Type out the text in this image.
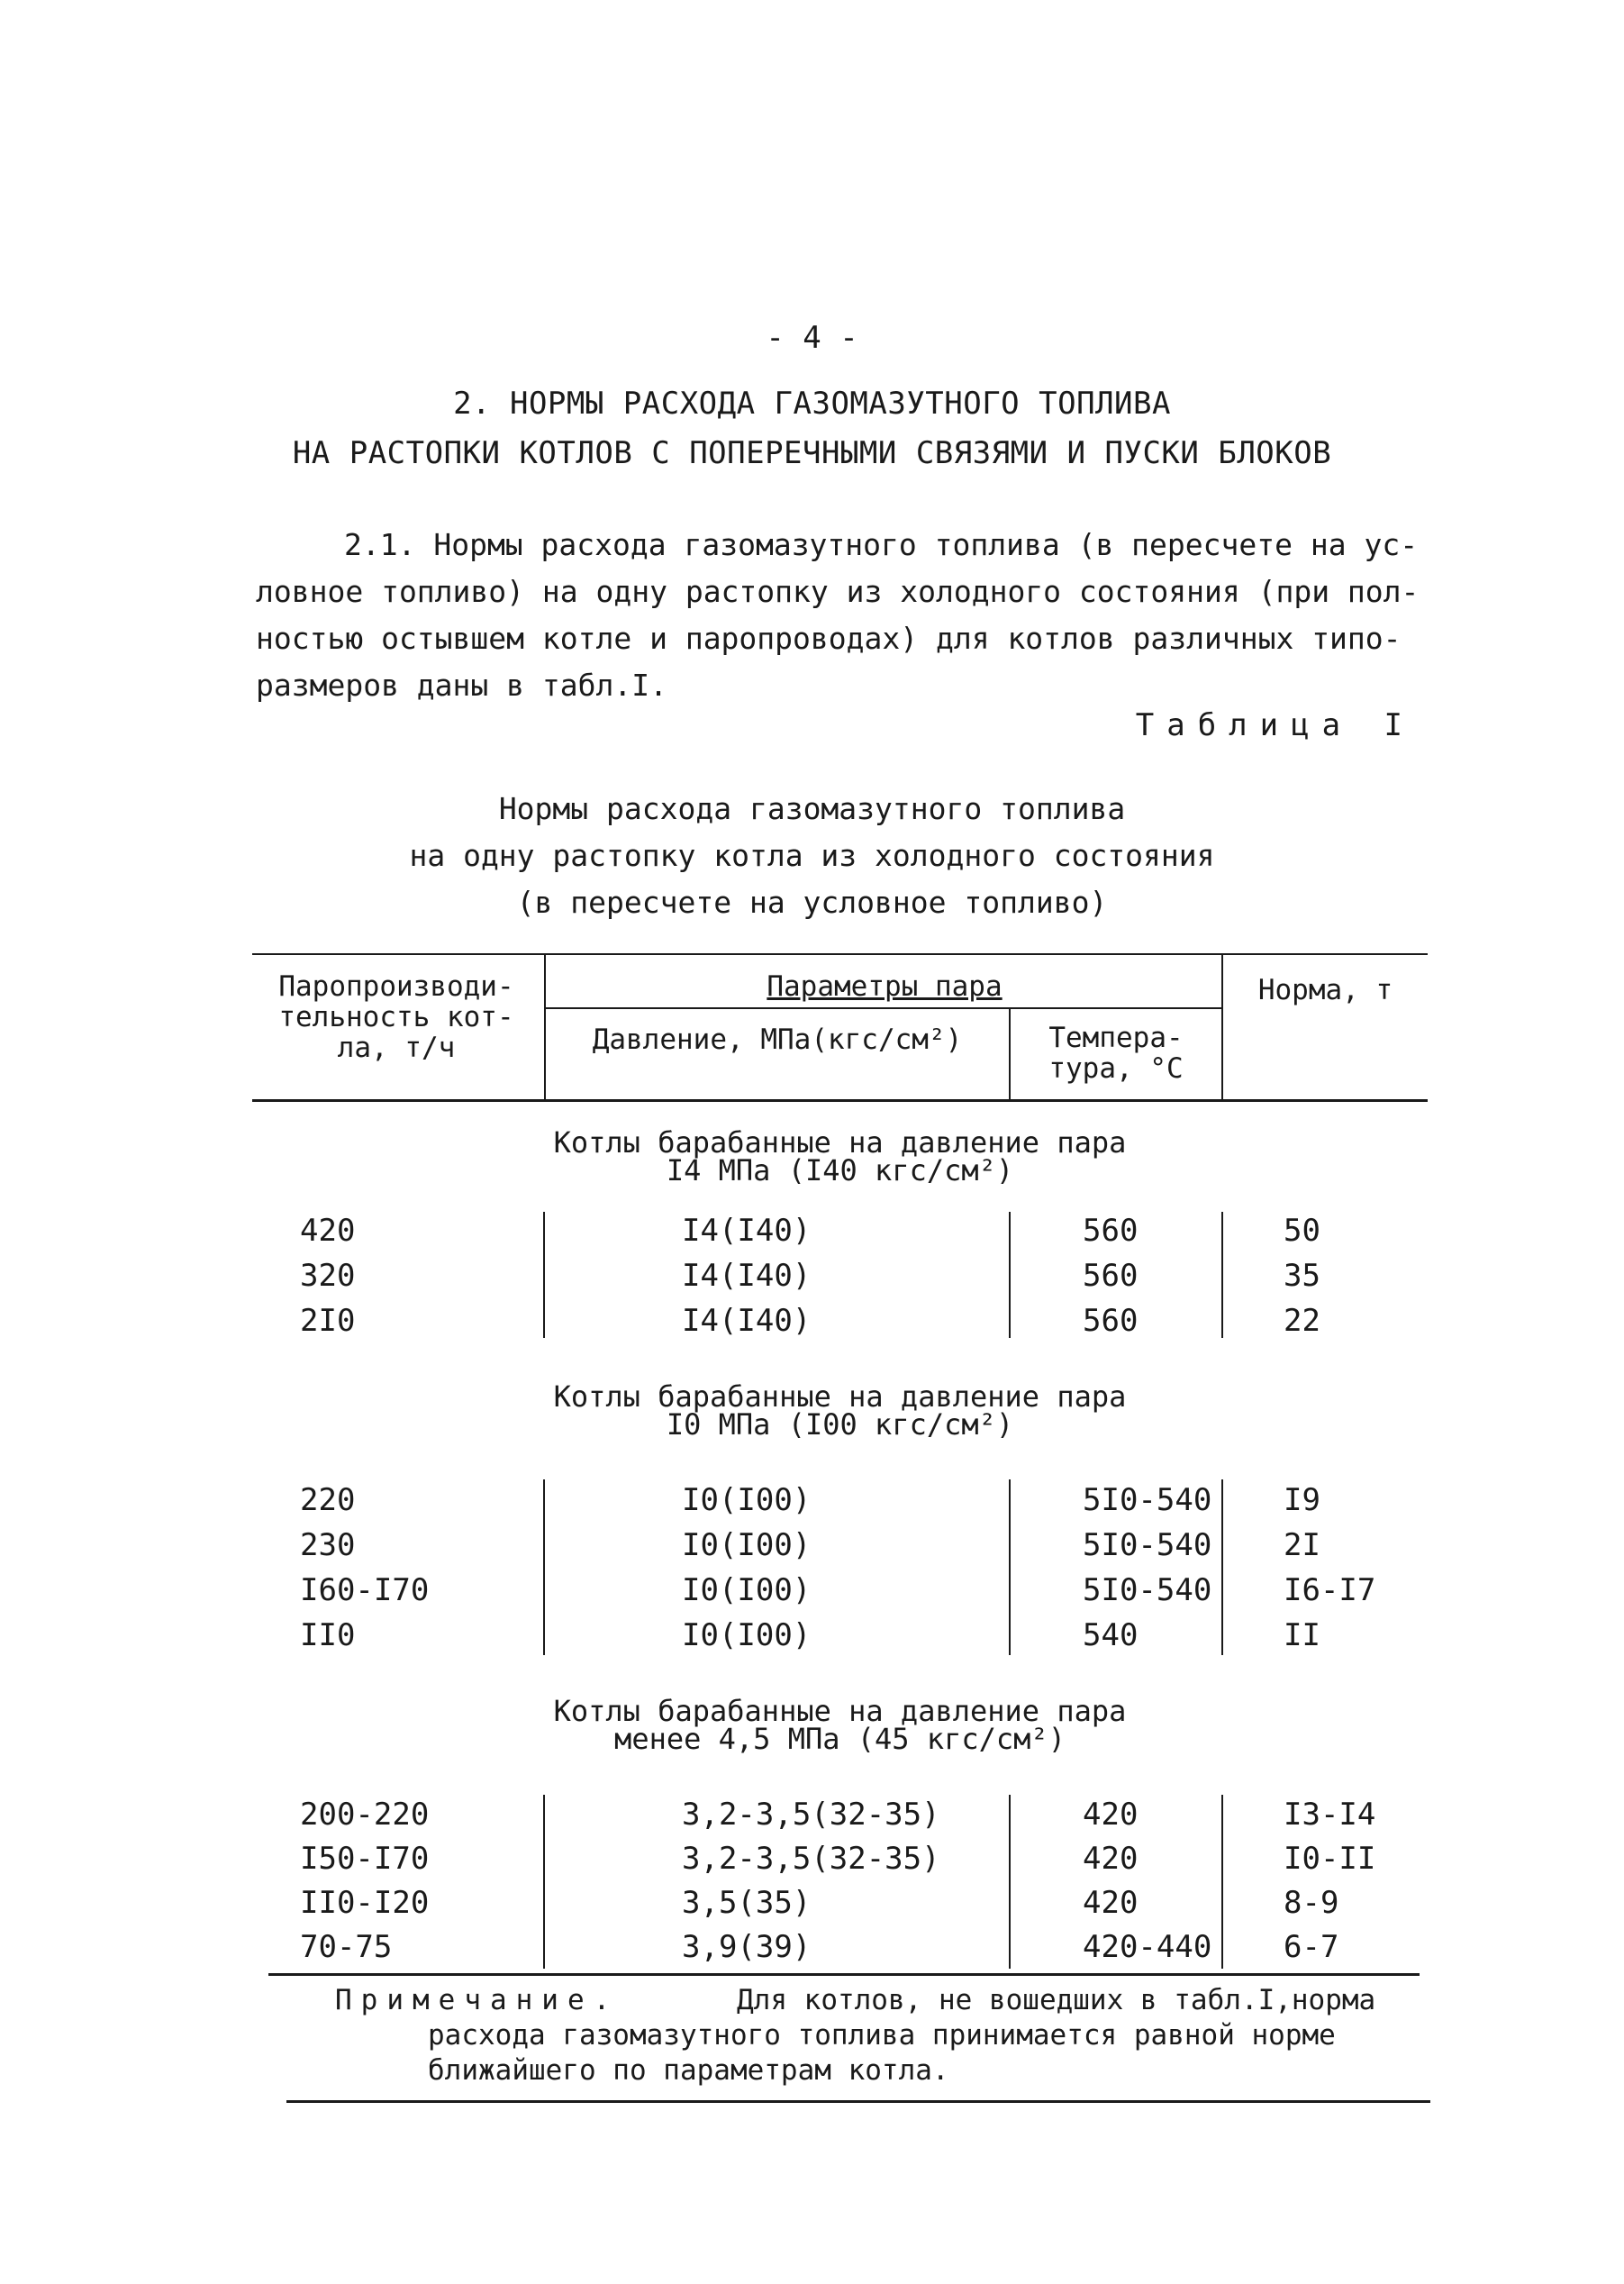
- 4 -
2. НОРМЫ РАСХОДА ГАЗОМАЗУТНОГО ТОПЛИВА
НА РАСТОПКИ КОТЛОВ С ПОПЕРЕЧНЫМИ СВЯЗЯМИ И ПУСКИ БЛОКОВ
2.1. Нормы расхода газомазутного топлива (в пересчете на ус-
ловное топливо) на одну растопку из холодного состояния (при пол-
ностью остывшем котле и паропроводах) для котлов различных типо-
размеров даны в табл.I.
Таблица I
Нормы расхода газомазутного топлива
на одну растопку котла из холодного состояния
(в пересчете на условное топливо)
Паропроизводи-
тельность кот-
ла, т/ч
Параметры пара
Давление, МПа(кгс/см²)	Темпера-
тура, °С
Норма, т
Котлы барабанные на давление пара
I4 МПа (I40 кгс/см²)
420	I4(I40)	560	50
320	I4(I40)	560	35
2I0	I4(I40)	560	22
Котлы барабанные на давление пара
I0 МПа (I00 кгс/см²)
220	I0(I00)	5I0-540 I9
230	I0(I00)	5I0-540 2I
I60-I70	I0(I00)	5I0-540 I6-I7
II0	I0(I00)	540	II
Котлы барабанные на давление пара
менее 4,5 МПа (45 кгс/см²)
200-220	3,2-3,5(32-35)	420	I3-I4
I50-I70	3,2-3,5(32-35)	420	I0-II
II0-I20	3,5(35)	420	8-9
70-75	3,9(39)	420-440 6-7
Примечание.	Для котлов, не вошедших в табл.I,норма
расхода газомазутного топлива принимается равной норме
ближайшего по параметрам котла.
